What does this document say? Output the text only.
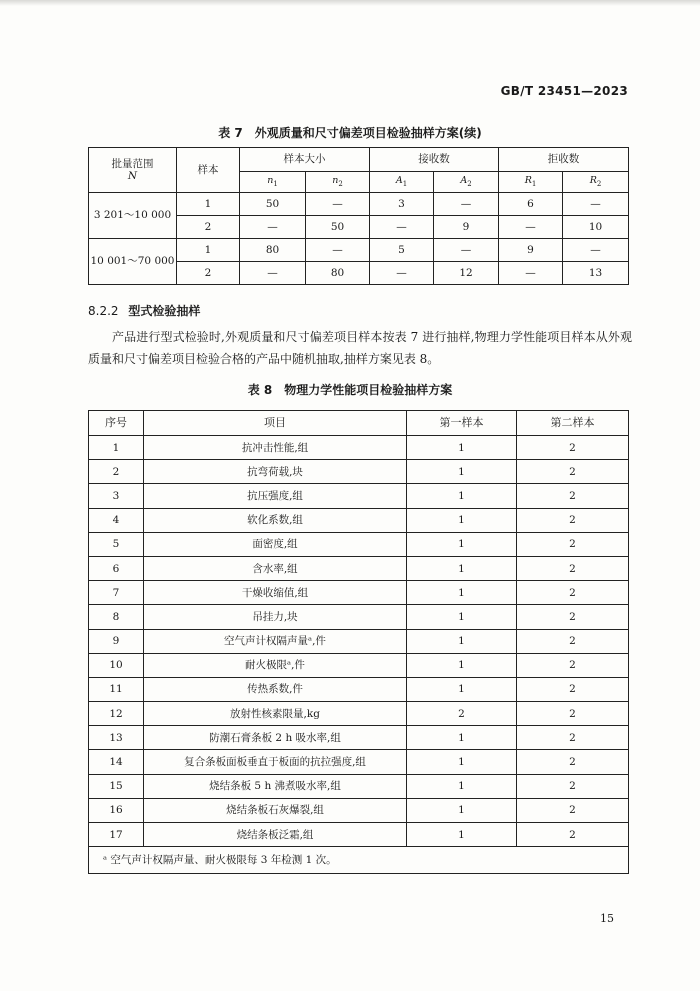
GB/T 23451—2023
表 7 外观质量和尺寸偏差项目检验抽样方案(续)
批量范围
N	样本	样本大小		接收数		拒收数	
		$n_1$	$n_2$	$A_1$	$A_2$	$R_1$	$R_2$
3 201～10 000	1	50	—	3	—	6	—
	2	—	50	—	9	—	10
10 001～70 000	1	80	—	5	—	9	—
	2	—	80	—	12	—	13
8.2.2 型式检验抽样
产品进行型式检验时,外观质量和尺寸偏差项目样本按表 7 进行抽样,物理力学性能项目样本从外观质量和尺寸偏差项目检验合格的产品中随机抽取,抽样方案见表 8。
表 8 物理力学性能项目检验抽样方案
序号	项目	第一样本	第二样本
1	抗冲击性能,组	1	2
2	抗弯荷载,块	1	2
3	抗压强度,组	1	2
4	软化系数,组	1	2
5	面密度,组	1	2
6	含水率,组	1	2
7	干燥收缩值,组	1	2
8	吊挂力,块	1	2
9	空气声计权隔声量ᵃ,件	1	2
10	耐火极限ᵃ,件	1	2
11	传热系数,件	1	2
12	放射性核素限量,kg	2	2
13	防潮石膏条板 2 h 吸水率,组	1	2
14	复合条板面板垂直于板面的抗拉强度,组	1	2
15	烧结条板 5 h 沸煮吸水率,组	1	2
16	烧结条板石灰爆裂,组	1	2
17	烧结条板泛霜,组	1	2
ᵃ 空气声计权隔声量、耐火极限每 3 年检测 1 次。			
15
